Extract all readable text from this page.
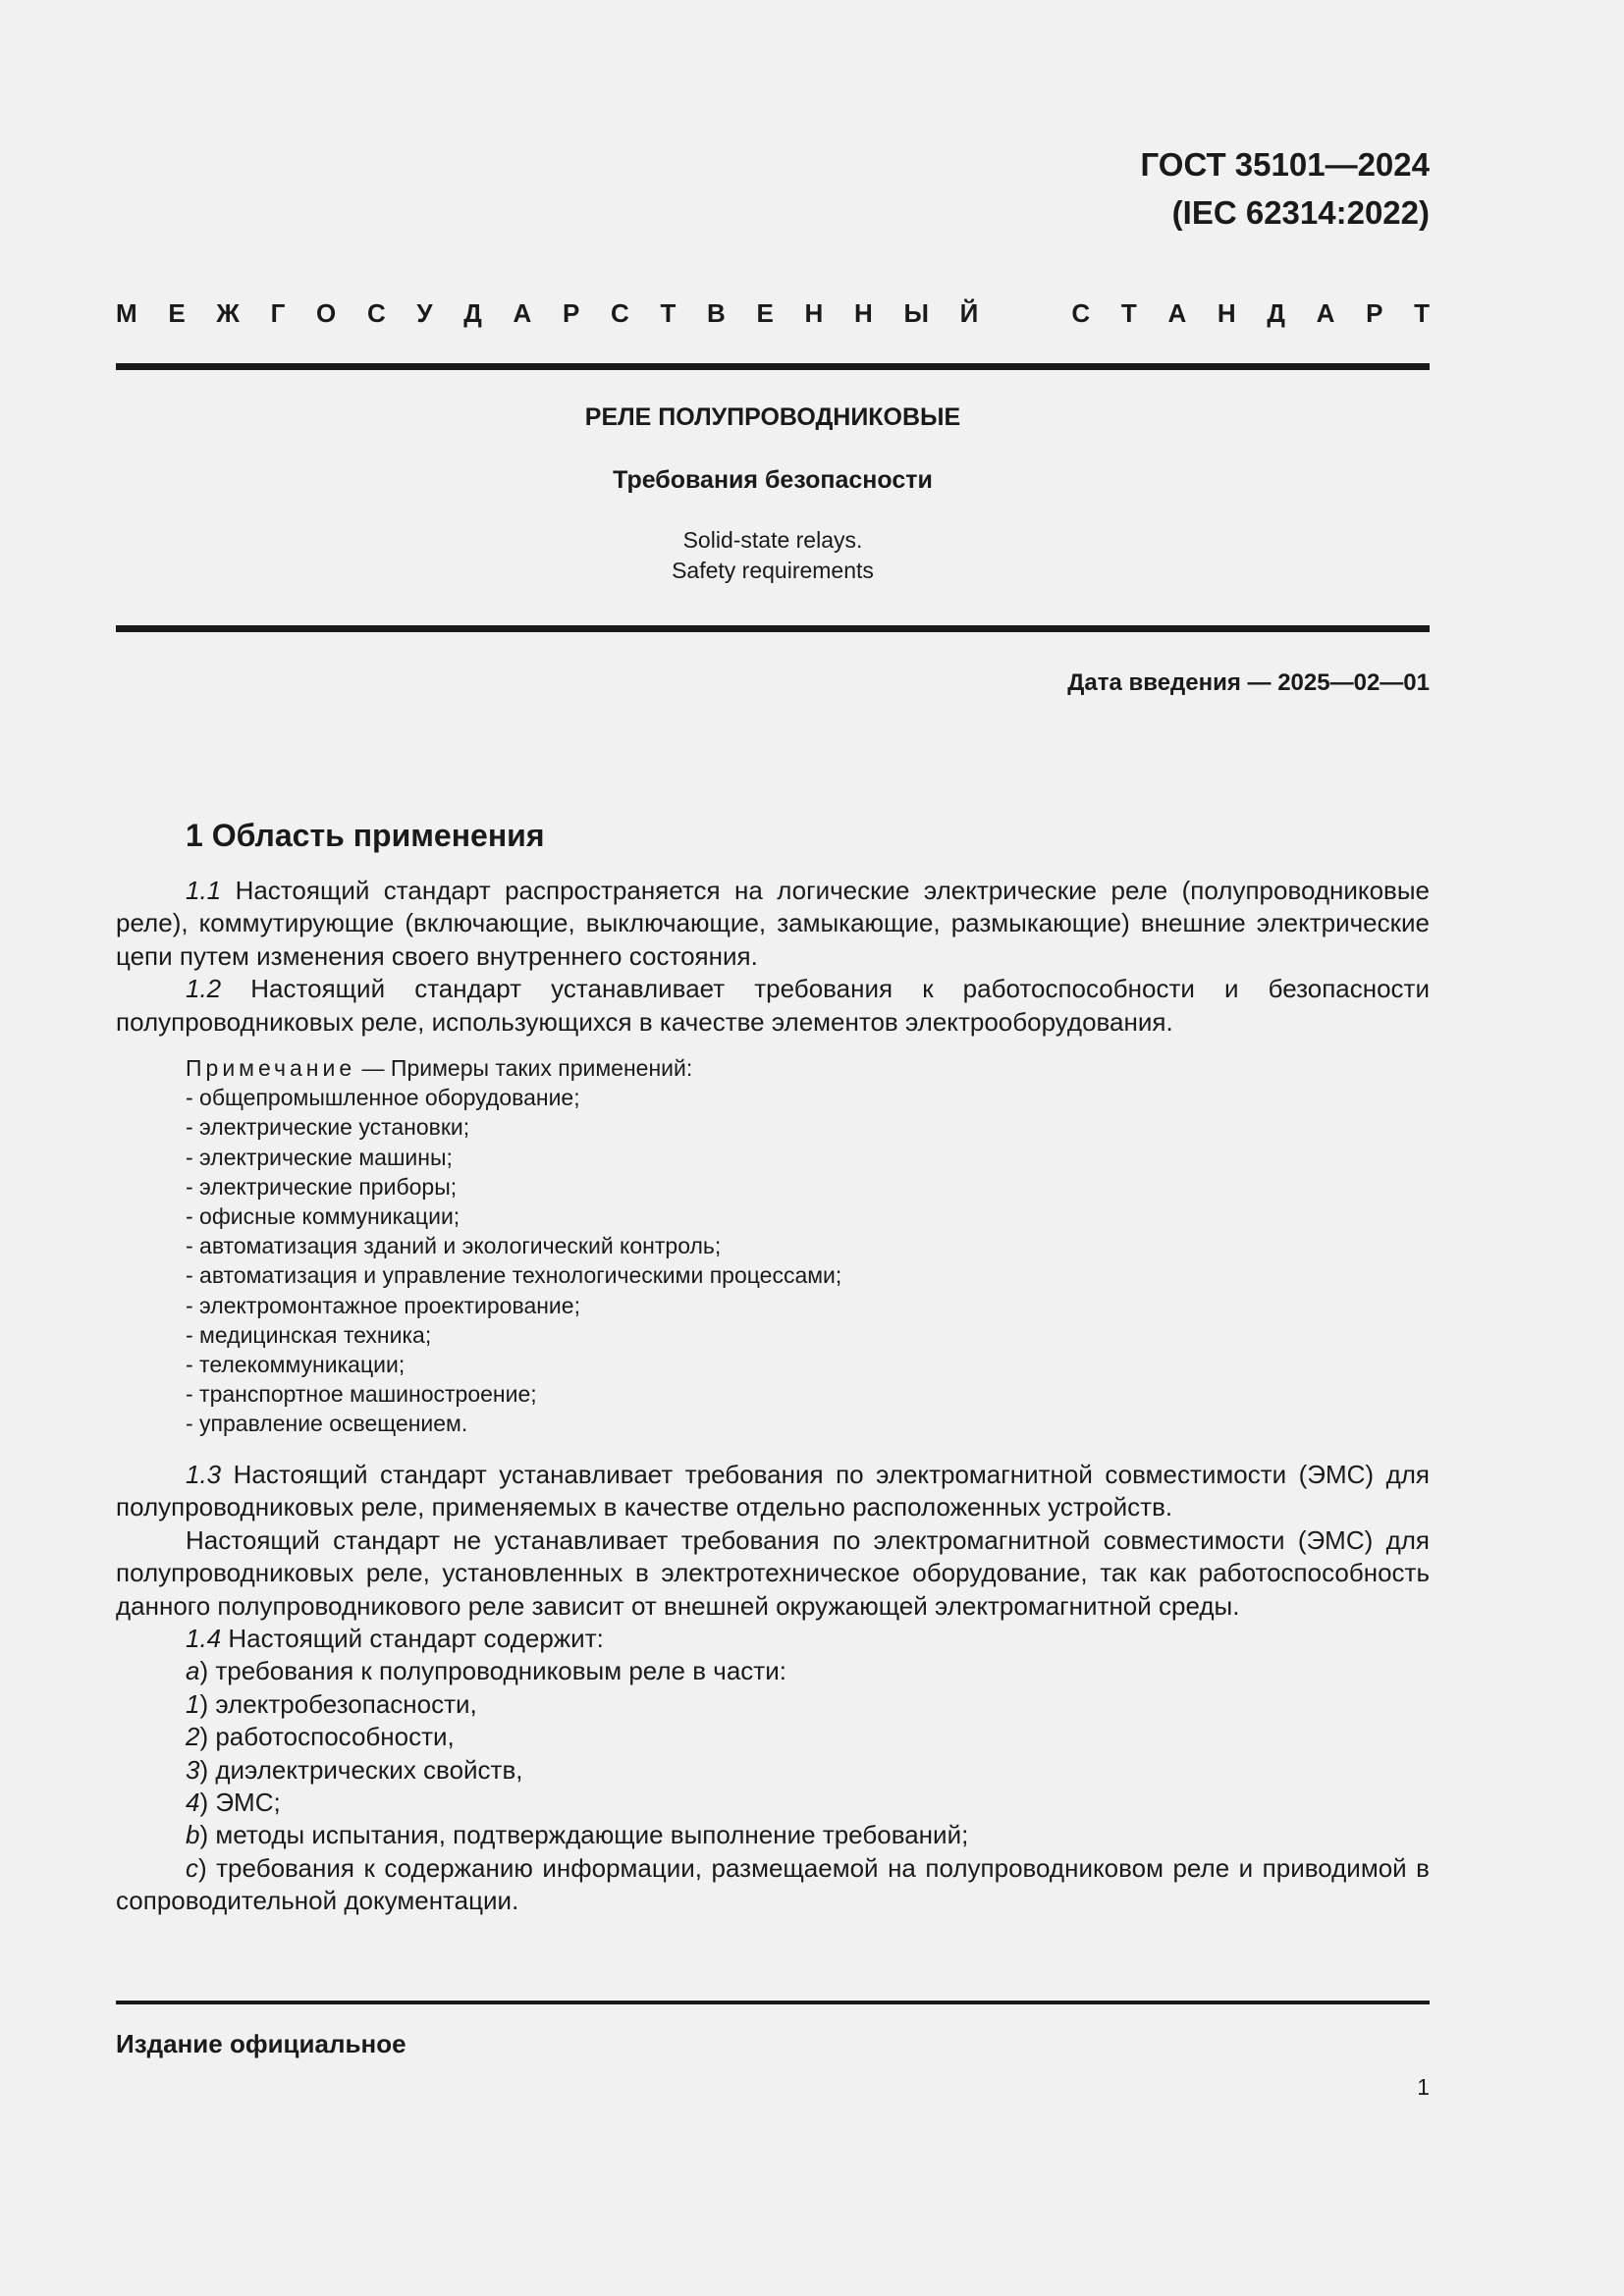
ГОСТ 35101—2024
(IEC 62314:2022)
М Е Ж Г О С У Д А Р С Т В Е Н Н Ы Й	С Т А Н Д А Р Т
РЕЛЕ ПОЛУПРОВОДНИКОВЫЕ
Требования безопасности
Solid-state relays.
Safety requirements
Дата введения — 2025—02—01
1 Область применения

1.1 Настоящий стандарт распространяется на логические электрические реле (полупроводниковые реле), коммутирующие (включающие, выключающие, замыкающие, размыкающие) внешние электрические цепи путем изменения своего внутреннего состояния.

1.2 Настоящий стандарт устанавливает требования к работоспособности и безопасности полупроводниковых реле, использующихся в качестве элементов электрооборудования.

Примечание — Примеры таких применений:
- общепромышленное оборудование;
- электрические установки;
- электрические машины;
- электрические приборы;
- офисные коммуникации;
- автоматизация зданий и экологический контроль;
- автоматизация и управление технологическими процессами;
- электромонтажное проектирование;
- медицинская техника;
- телекоммуникации;
- транспортное машиностроение;
- управление освещением.

1.3 Настоящий стандарт устанавливает требования по электромагнитной совместимости (ЭМС) для полупроводниковых реле, применяемых в качестве отдельно расположенных устройств.

Настоящий стандарт не устанавливает требования по электромагнитной совместимости (ЭМС) для полупроводниковых реле, установленных в электротехническое оборудование, так как работоспособность данного полупроводникового реле зависит от внешней окружающей электромагнитной среды.

1.4 Настоящий стандарт содержит:

a) требования к полупроводниковым реле в части:

1) электробезопасности,

2) работоспособности,

3) диэлектрических свойств,

4) ЭМС;

b) методы испытания, подтверждающие выполнение требований;

c) требования к содержанию информации, размещаемой на полупроводниковом реле и приводимой в сопроводительной документации.

Издание официальное
1
